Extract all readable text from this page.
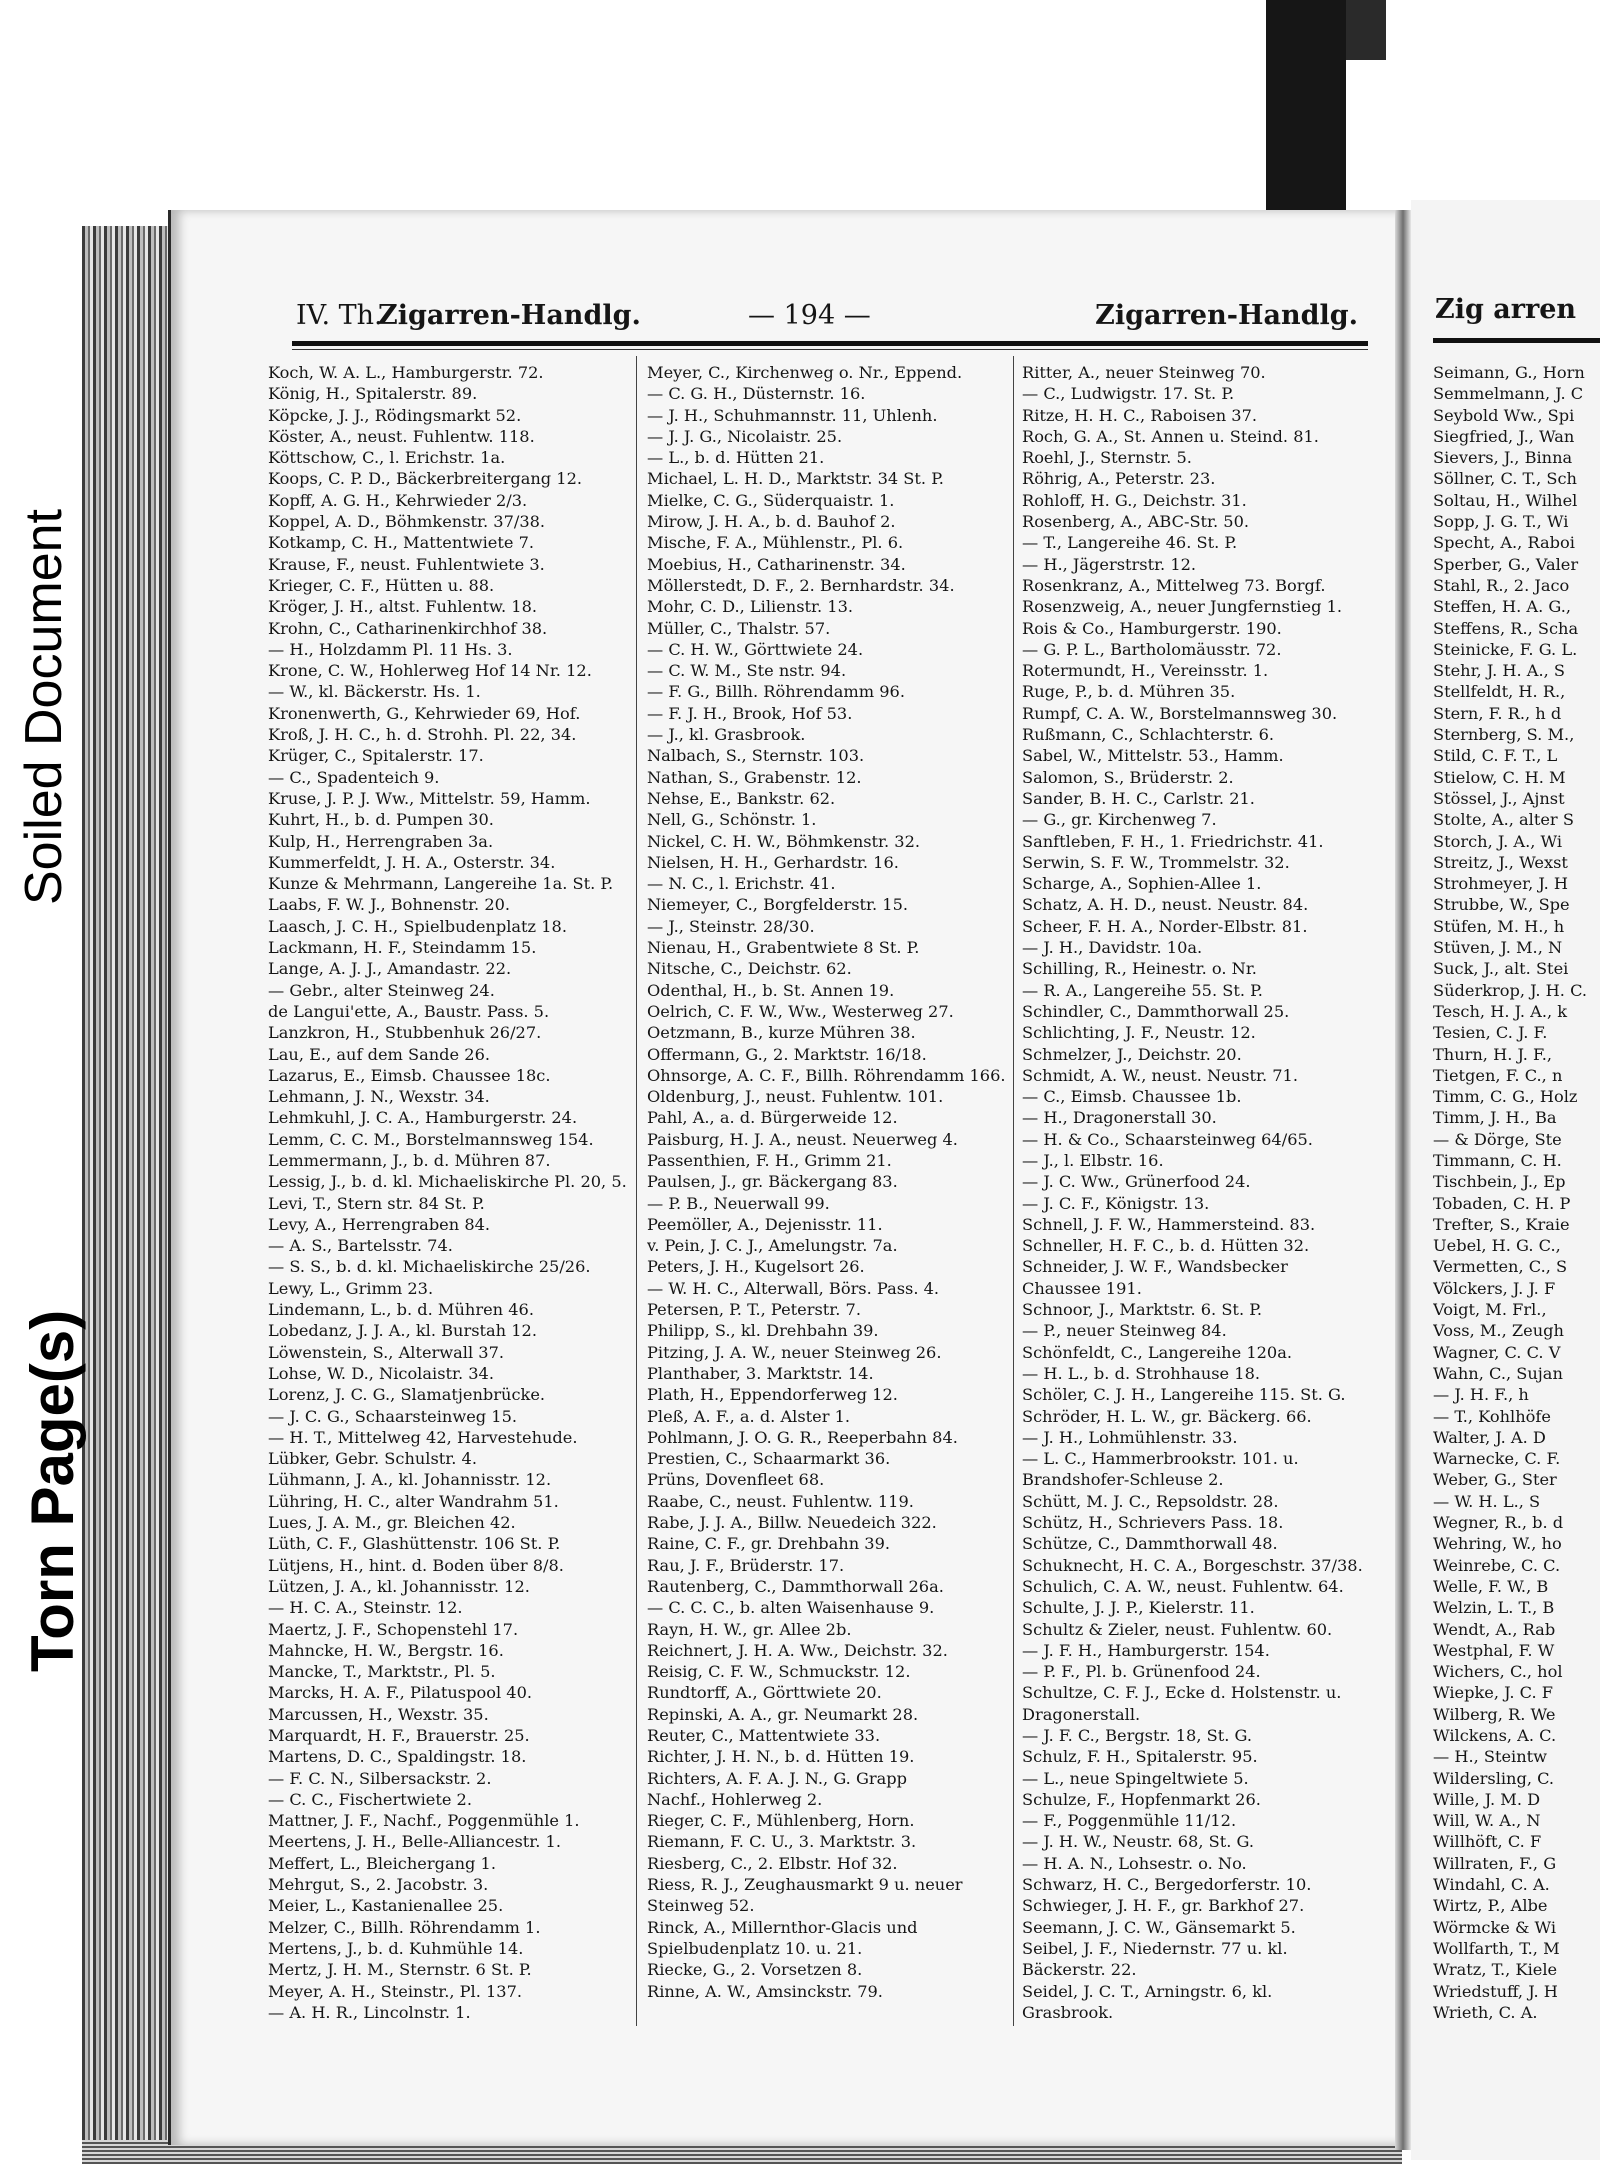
Zig arren
Seimann, G., Horn
Semmelmann, J. C
Seybold Ww., Spi
Siegfried, J., Wan
Sievers, J., Binna
Söllner, C. T., Sch
Soltau, H., Wilhel
Sopp, J. G. T., Wi
Specht, A., Raboi
Sperber, G., Valer
Stahl, R., 2. Jaco
Steffen, H. A. G.,
Steffens, R., Scha
Steinicke, F. G. L.
Stehr, J. H. A., S
Stellfeldt, H. R.,
Stern, F. R., h d
Sternberg, S. M.,
Stild, C. F. T., L
Stielow, C. H. M
Stössel, J., Ajnst
Stolte, A., alter S
Storch, J. A., Wi
Streitz, J., Wexst
Strohmeyer, J. H
Strubbe, W., Spe
Stüfen, M. H., h
Stüven, J. M., N
Suck, J., alt. Stei
Süderkrop, J. H. C.
Tesch, H. J. A., k
Tesien, C. J. F.
Thurn, H. J. F.,
Tietgen, F. C., n
Timm, C. G., Holz
Timm, J. H., Ba
— & Dörge, Ste
Timmann, C. H.
Tischbein, J., Ep
Tobaden, C. H. P
Trefter, S., Kraie
Uebel, H. G. C.,
Vermetten, C., S
Völckers, J. J. F
Voigt, M. Frl.,
Voss, M., Zeugh
Wagner, C. C. V
Wahn, C., Sujan
— J. H. F., h
— T., Kohlhöfe
Walter, J. A. D
Warnecke, C. F.
Weber, G., Ster
— W. H. L., S
Wegner, R., b. d
Wehring, W., ho
Weinrebe, C. C.
Welle, F. W., B
Welzin, L. T., B
Wendt, A., Rab
Westphal, F. W
Wichers, C., hol
Wiepke, J. C. F
Wilberg, R. We
Wilckens, A. C.
— H., Steintw
Wildersling, C.
Wille, J. M. D
Will, W. A., N
Willhöft, C. F
Willraten, F., G
Windahl, C. A.
Wirtz, P., Albe
Wörmcke & Wi
Wollfarth, T., M
Wratz, T., Kiele
Wriedstuff, J. H
Wrieth, C. A.
Soiled Document
Torn Page(s)
IV. Th.
Zigarren-Handlg.	— 194 —	Zigarren-Handlg.
Koch, W. A. L., Hamburgerstr. 72.
König, H., Spitalerstr. 89.
Köpcke, J. J., Rödingsmarkt 52.
Köster, A., neust. Fuhlentw. 118.
Köttschow, C., l. Erichstr. 1a.
Koops, C. P. D., Bäckerbreitergang 12.
Kopff, A. G. H., Kehrwieder 2/3.
Koppel, A. D., Böhmkenstr. 37/38.
Kotkamp, C. H., Mattentwiete 7.
Krause, F., neust. Fuhlentwiete 3.
Krieger, C. F., Hütten u. 88.
Kröger, J. H., altst. Fuhlentw. 18.
Krohn, C., Catharinenkirchhof 38.
— H., Holzdamm Pl. 11 Hs. 3.
Krone, C. W., Hohlerweg Hof 14 Nr. 12.
— W., kl. Bäckerstr. Hs. 1.
Kronenwerth, G., Kehrwieder 69, Hof.
Kroß, J. H. C., h. d. Strohh. Pl. 22, 34.
Krüger, C., Spitalerstr. 17.
— C., Spadenteich 9.
Kruse, J. P. J. Ww., Mittelstr. 59, Hamm.
Kuhrt, H., b. d. Pumpen 30.
Kulp, H., Herrengraben 3a.
Kummerfeldt, J. H. A., Osterstr. 34.
Kunze & Mehrmann, Langereihe 1a. St. P.
Laabs, F. W. J., Bohnenstr. 20.
Laasch, J. C. H., Spielbudenplatz 18.
Lackmann, H. F., Steindamm 15.
Lange, A. J. J., Amandastr. 22.
— Gebr., alter Steinweg 24.
de Langui'ette, A., Baustr. Pass. 5.
Lanzkron, H., Stubbenhuk 26/27.
Lau, E., auf dem Sande 26.
Lazarus, E., Eimsb. Chaussee 18c.
Lehmann, J. N., Wexstr. 34.
Lehmkuhl, J. C. A., Hamburgerstr. 24.
Lemm, C. C. M., Borstelmannsweg 154.
Lemmermann, J., b. d. Mühren 87.
Lessig, J., b. d. kl. Michaeliskirche Pl. 20, 5.
Levi, T., Stern str. 84 St. P.
Levy, A., Herrengraben 84.
— A. S., Bartelsstr. 74.
— S. S., b. d. kl. Michaeliskirche 25/26.
Lewy, L., Grimm 23.
Lindemann, L., b. d. Mühren 46.
Lobedanz, J. J. A., kl. Burstah 12.
Löwenstein, S., Alterwall 37.
Lohse, W. D., Nicolaistr. 34.
Lorenz, J. C. G., Slamatjenbrücke.
— J. C. G., Schaarsteinweg 15.
— H. T., Mittelweg 42, Harvestehude.
Lübker, Gebr. Schulstr. 4.
Lühmann, J. A., kl. Johannisstr. 12.
Lühring, H. C., alter Wandrahm 51.
Lues, J. A. M., gr. Bleichen 42.
Lüth, C. F., Glashüttenstr. 106 St. P.
Lütjens, H., hint. d. Boden über 8/8.
Lützen, J. A., kl. Johannisstr. 12.
— H. C. A., Steinstr. 12.
Maertz, J. F., Schopenstehl 17.
Mahncke, H. W., Bergstr. 16.
Mancke, T., Marktstr., Pl. 5.
Marcks, H. A. F., Pilatuspool 40.
Marcussen, H., Wexstr. 35.
Marquardt, H. F., Brauerstr. 25.
Martens, D. C., Spaldingstr. 18.
— F. C. N., Silbersackstr. 2.
— C. C., Fischertwiete 2.
Mattner, J. F., Nachf., Poggenmühle 1.
Meertens, J. H., Belle-Alliancestr. 1.
Meffert, L., Bleichergang 1.
Mehrgut, S., 2. Jacobstr. 3.
Meier, L., Kastanienallee 25.
Melzer, C., Billh. Röhrendamm 1.
Mertens, J., b. d. Kuhmühle 14.
Mertz, J. H. M., Sternstr. 6 St. P.
Meyer, A. H., Steinstr., Pl. 137.
— A. H. R., Lincolnstr. 1.
Meyer, C., Kirchenweg o. Nr., Eppend.
— C. G. H., Düsternstr. 16.
— J. H., Schuhmannstr. 11, Uhlenh.
— J. J. G., Nicolaistr. 25.
— L., b. d. Hütten 21.
Michael, L. H. D., Marktstr. 34 St. P.
Mielke, C. G., Süderquaistr. 1.
Mirow, J. H. A., b. d. Bauhof 2.
Mische, F. A., Mühlenstr., Pl. 6.
Moebius, H., Catharinenstr. 34.
Möllerstedt, D. F., 2. Bernhardstr. 34.
Mohr, C. D., Lilienstr. 13.
Müller, C., Thalstr. 57.
— C. H. W., Görttwiete 24.
— C. W. M., Ste nstr. 94.
— F. G., Billh. Röhrendamm 96.
— F. J. H., Brook, Hof 53.
— J., kl. Grasbrook.
Nalbach, S., Sternstr. 103.
Nathan, S., Grabenstr. 12.
Nehse, E., Bankstr. 62.
Nell, G., Schönstr. 1.
Nickel, C. H. W., Böhmkenstr. 32.
Nielsen, H. H., Gerhardstr. 16.
— N. C., l. Erichstr. 41.
Niemeyer, C., Borgfelderstr. 15.
— J., Steinstr. 28/30.
Nienau, H., Grabentwiete 8 St. P.
Nitsche, C., Deichstr. 62.
Odenthal, H., b. St. Annen 19.
Oelrich, C. F. W., Ww., Westerweg 27.
Oetzmann, B., kurze Mühren 38.
Offermann, G., 2. Marktstr. 16/18.
Ohnsorge, A. C. F., Billh. Röhrendamm 166.
Oldenburg, J., neust. Fuhlentw. 101.
Pahl, A., a. d. Bürgerweide 12.
Paisburg, H. J. A., neust. Neuerweg 4.
Passenthien, F. H., Grimm 21.
Paulsen, J., gr. Bäckergang 83.
— P. B., Neuerwall 99.
Peemöller, A., Dejenisstr. 11.
v. Pein, J. C. J., Amelungstr. 7a.
Peters, J. H., Kugelsort 26.
— W. H. C., Alterwall, Börs. Pass. 4.
Petersen, P. T., Peterstr. 7.
Philipp, S., kl. Drehbahn 39.
Pitzing, J. A. W., neuer Steinweg 26.
Planthaber, 3. Marktstr. 14.
Plath, H., Eppendorferweg 12.
Pleß, A. F., a. d. Alster 1.
Pohlmann, J. O. G. R., Reeperbahn 84.
Prestien, C., Schaarmarkt 36.
Prüns, Dovenfleet 68.
Raabe, C., neust. Fuhlentw. 119.
Rabe, J. J. A., Billw. Neuedeich 322.
Raine, C. F., gr. Drehbahn 39.
Rau, J. F., Brüderstr. 17.
Rautenberg, C., Dammthorwall 26a.
— C. C. C., b. alten Waisenhause 9.
Rayn, H. W., gr. Allee 2b.
Reichnert, J. H. A. Ww., Deichstr. 32.
Reisig, C. F. W., Schmuckstr. 12.
Rundtorff, A., Görttwiete 20.
Repinski, A. A., gr. Neumarkt 28.
Reuter, C., Mattentwiete 33.
Richter, J. H. N., b. d. Hütten 19.
Richters, A. F. A. J. N., G. Grapp
Nachf., Hohlerweg 2.
Rieger, C. F., Mühlenberg, Horn.
Riemann, F. C. U., 3. Marktstr. 3.
Riesberg, C., 2. Elbstr. Hof 32.
Riess, R. J., Zeughausmarkt 9 u. neuer
Steinweg 52.
Rinck, A., Millernthor-Glacis und
Spielbudenplatz 10. u. 21.
Riecke, G., 2. Vorsetzen 8.
Rinne, A. W., Amsinckstr. 79.
Ritter, A., neuer Steinweg 70.
— C., Ludwigstr. 17. St. P.
Ritze, H. H. C., Raboisen 37.
Roch, G. A., St. Annen u. Steind. 81.
Roehl, J., Sternstr. 5.
Röhrig, A., Peterstr. 23.
Rohloff, H. G., Deichstr. 31.
Rosenberg, A., ABC-Str. 50.
— T., Langereihe 46. St. P.
— H., Jägerstrstr. 12.
Rosenkranz, A., Mittelweg 73. Borgf.
Rosenzweig, A., neuer Jungfernstieg 1.
Rois & Co., Hamburgerstr. 190.
— G. P. L., Bartholomäusstr. 72.
Rotermundt, H., Vereinsstr. 1.
Ruge, P., b. d. Mühren 35.
Rumpf, C. A. W., Borstelmannsweg 30.
Rußmann, C., Schlachterstr. 6.
Sabel, W., Mittelstr. 53., Hamm.
Salomon, S., Brüderstr. 2.
Sander, B. H. C., Carlstr. 21.
— G., gr. Kirchenweg 7.
Sanftleben, F. H., 1. Friedrichstr. 41.
Serwin, S. F. W., Trommelstr. 32.
Scharge, A., Sophien-Allee 1.
Schatz, A. H. D., neust. Neustr. 84.
Scheer, F. H. A., Norder-Elbstr. 81.
— J. H., Davidstr. 10a.
Schilling, R., Heinestr. o. Nr.
— R. A., Langereihe 55. St. P.
Schindler, C., Dammthorwall 25.
Schlichting, J. F., Neustr. 12.
Schmelzer, J., Deichstr. 20.
Schmidt, A. W., neust. Neustr. 71.
— C., Eimsb. Chaussee 1b.
— H., Dragonerstall 30.
— H. & Co., Schaarsteinweg 64/65.
— J., l. Elbstr. 16.
— J. C. Ww., Grünerfood 24.
— J. C. F., Königstr. 13.
Schnell, J. F. W., Hammersteind. 83.
Schneller, H. F. C., b. d. Hütten 32.
Schneider, J. W. F., Wandsbecker
Chaussee 191.
Schnoor, J., Marktstr. 6. St. P.
— P., neuer Steinweg 84.
Schönfeldt, C., Langereihe 120a.
— H. L., b. d. Strohhause 18.
Schöler, C. J. H., Langereihe 115. St. G.
Schröder, H. L. W., gr. Bäckerg. 66.
— J. H., Lohmühlenstr. 33.
— L. C., Hammerbrookstr. 101. u.
Brandshofer-Schleuse 2.
Schütt, M. J. C., Repsoldstr. 28.
Schütz, H., Schrievers Pass. 18.
Schütze, C., Dammthorwall 48.
Schuknecht, H. C. A., Borgeschstr. 37/38.
Schulich, C. A. W., neust. Fuhlentw. 64.
Schulte, J. J. P., Kielerstr. 11.
Schultz & Zieler, neust. Fuhlentw. 60.
— J. F. H., Hamburgerstr. 154.
— P. F., Pl. b. Grünenfood 24.
Schultze, C. F. J., Ecke d. Holstenstr. u.
Dragonerstall.
— J. F. C., Bergstr. 18, St. G.
Schulz, F. H., Spitalerstr. 95.
— L., neue Spingeltwiete 5.
Schulze, F., Hopfenmarkt 26.
— F., Poggenmühle 11/12.
— J. H. W., Neustr. 68, St. G.
— H. A. N., Lohsestr. o. No.
Schwarz, H. C., Bergedorferstr. 10.
Schwieger, J. H. F., gr. Barkhof 27.
Seemann, J. C. W., Gänsemarkt 5.
Seibel, J. F., Niedernstr. 77 u. kl.
Bäckerstr. 22.
Seidel, J. C. T., Arningstr. 6, kl.
Grasbrook.
